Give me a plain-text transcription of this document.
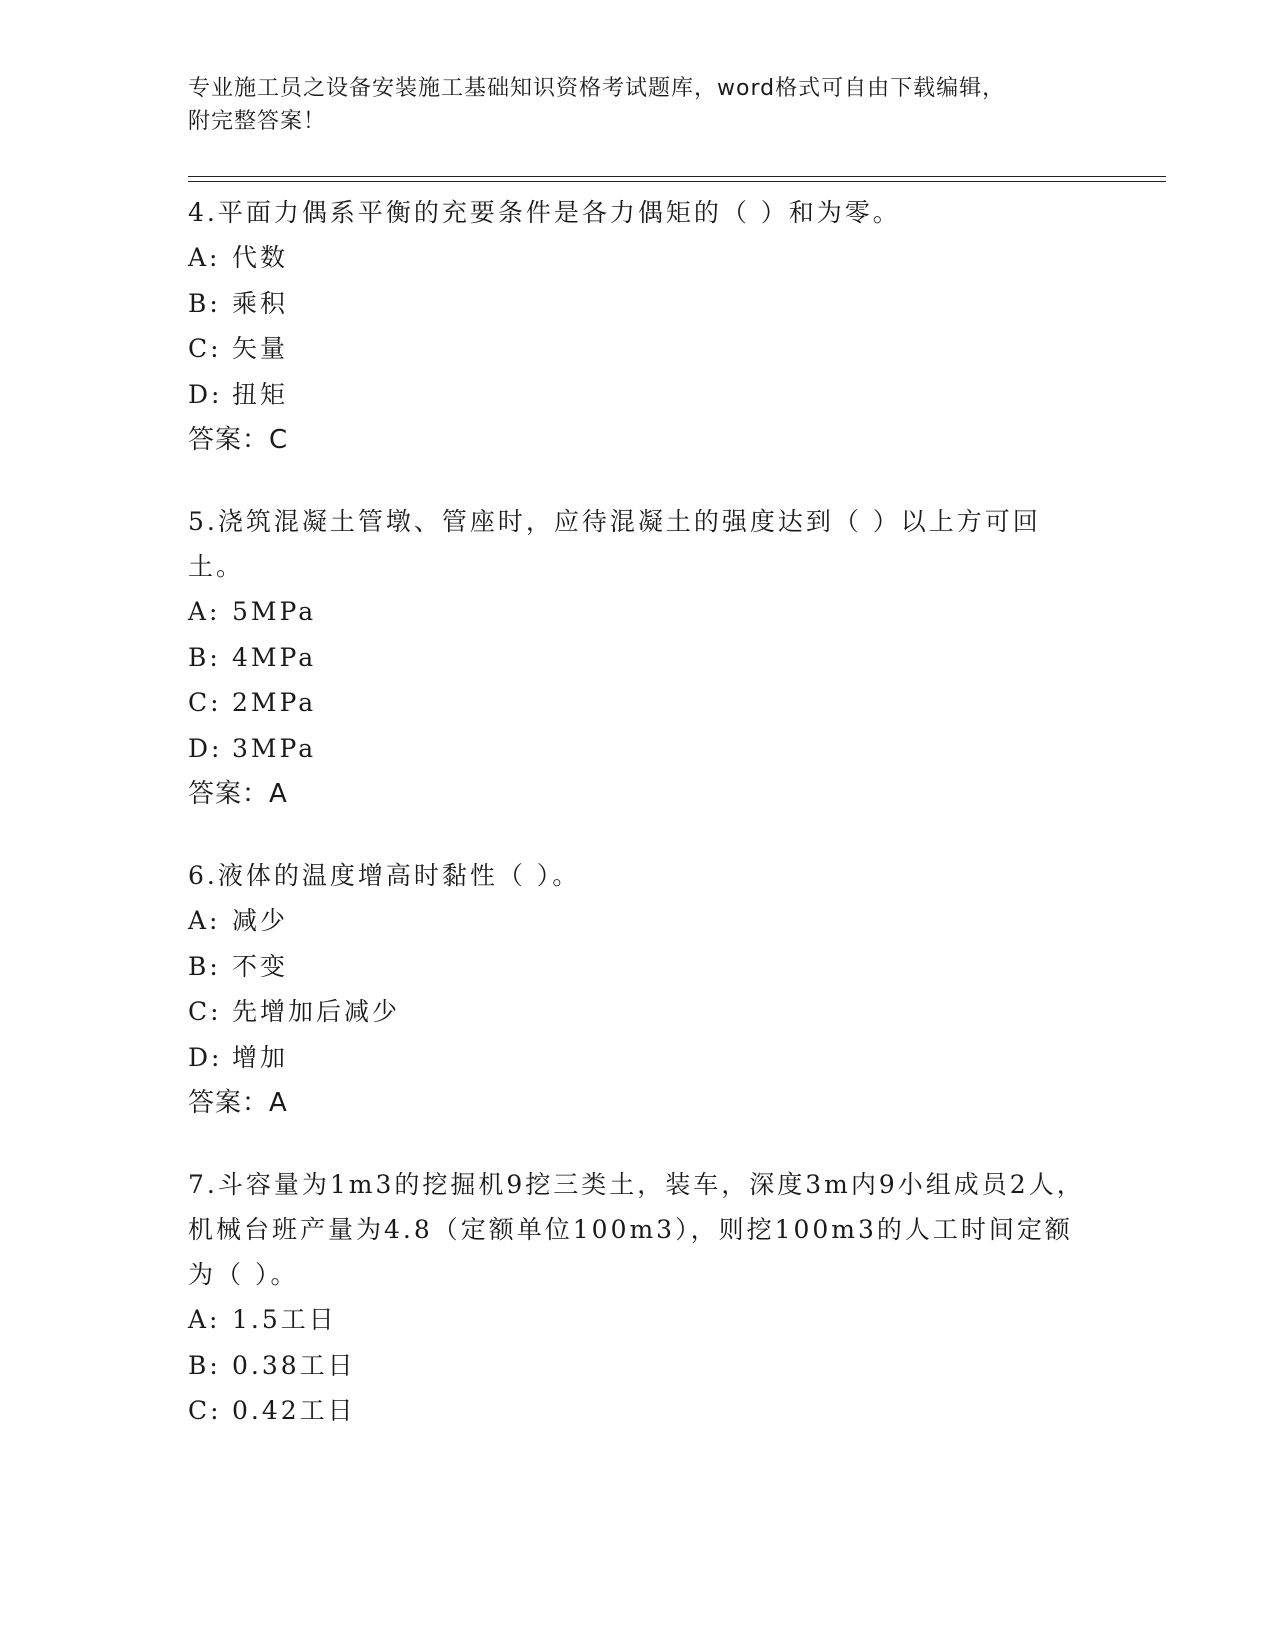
专业施工员之设备安装施工基础知识资格考试题库，word格式可自由下载编辑，
附完整答案！

4.平面力偶系平衡的充要条件是各力偶矩的（ ）和为零。

A: 代数
B: 乘积
C: 矢量
D: 扭矩
答案：C

5.浇筑混凝土管墩、管座时，应待混凝土的强度达到（ ）以上方可回土。

A: 5MPa
B: 4MPa
C: 2MPa
D: 3MPa
答案：A

6.液体的温度增高时黏性（ ）。

A: 减少
B: 不变
C: 先增加后减少
D: 增加
答案：A

7.斗容量为1m3的挖掘机9挖三类土，装车，深度3m内9小组成员2人，机械台班产量为4.8（定额单位100m3），则挖100m3的人工时间定额为（ ）。

A: 1.5工日
B: 0.38工日
C: 0.42工日
